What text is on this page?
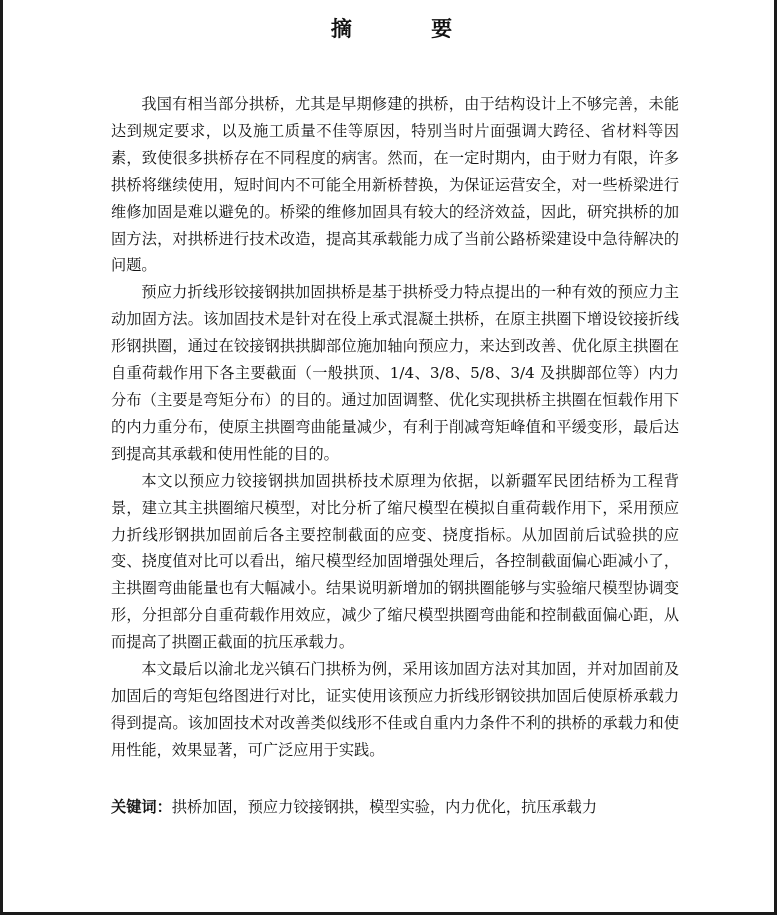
摘 要

我国有相当部分拱桥，尤其是早期修建的拱桥，由于结构设计上不够完善，未能达到规定要求，以及施工质量不佳等原因，特别当时片面强调大跨径、省材料等因素，致使很多拱桥存在不同程度的病害。然而，在一定时期内，由于财力有限，许多拱桥将继续使用，短时间内不可能全用新桥替换，为保证运营安全，对一些桥梁进行维修加固是难以避免的。桥梁的维修加固具有较大的经济效益，因此，研究拱桥的加固方法，对拱桥进行技术改造，提高其承载能力成了当前公路桥梁建设中急待解决的问题。

预应力折线形铰接钢拱加固拱桥是基于拱桥受力特点提出的一种有效的预应力主动加固方法。该加固技术是针对在役上承式混凝土拱桥，在原主拱圈下增设铰接折线形钢拱圈，通过在铰接钢拱拱脚部位施加轴向预应力，来达到改善、优化原主拱圈在自重荷载作用下各主要截面（一般拱顶、1/4、3/8、5/8、3/4 及拱脚部位等）内力分布（主要是弯矩分布）的目的。通过加固调整、优化实现拱桥主拱圈在恒载作用下的内力重分布，使原主拱圈弯曲能量减少，有利于削减弯矩峰值和平缓变形，最后达到提高其承载和使用性能的目的。

本文以预应力铰接钢拱加固拱桥技术原理为依据，以新疆军民团结桥为工程背景，建立其主拱圈缩尺模型，对比分析了缩尺模型在模拟自重荷载作用下，采用预应力折线形钢拱加固前后各主要控制截面的应变、挠度指标。从加固前后试验拱的应变、挠度值对比可以看出，缩尺模型经加固增强处理后，各控制截面偏心距减小了，主拱圈弯曲能量也有大幅减小。结果说明新增加的钢拱圈能够与实验缩尺模型协调变形，分担部分自重荷载作用效应，减少了缩尺模型拱圈弯曲能和控制截面偏心距，从而提高了拱圈正截面的抗压承载力。

本文最后以渝北龙兴镇石门拱桥为例，采用该加固方法对其加固，并对加固前及加固后的弯矩包络图进行对比，证实使用该预应力折线形钢铰拱加固后使原桥承载力得到提高。该加固技术对改善类似线形不佳或自重内力条件不利的拱桥的承载力和使用性能，效果显著，可广泛应用于实践。

关键词：拱桥加固，预应力铰接钢拱，模型实验，内力优化，抗压承载力
